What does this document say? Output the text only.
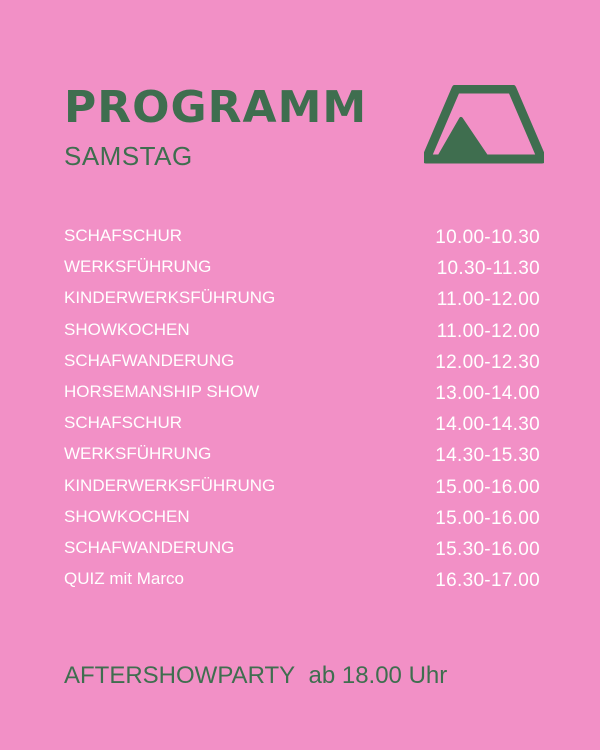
PROGRAMM
SAMSTAG
SCHAFSCHUR	10.00-10.30
WERKSFÜHRUNG	10.30-11.30
KINDERWERKSFÜHRUNG	11.00-12.00
SHOWKOCHEN	11.00-12.00
SCHAFWANDERUNG	12.00-12.30
HORSEMANSHIP SHOW	13.00-14.00
SCHAFSCHUR	14.00-14.30
WERKSFÜHRUNG	14.30-15.30
KINDERWERKSFÜHRUNG	15.00-16.00
SHOWKOCHEN	15.00-16.00
SCHAFWANDERUNG	15.30-16.00
QUIZ mit Marco	16.30-17.00
AFTERSHOWPARTY ab 18.00 Uhr
